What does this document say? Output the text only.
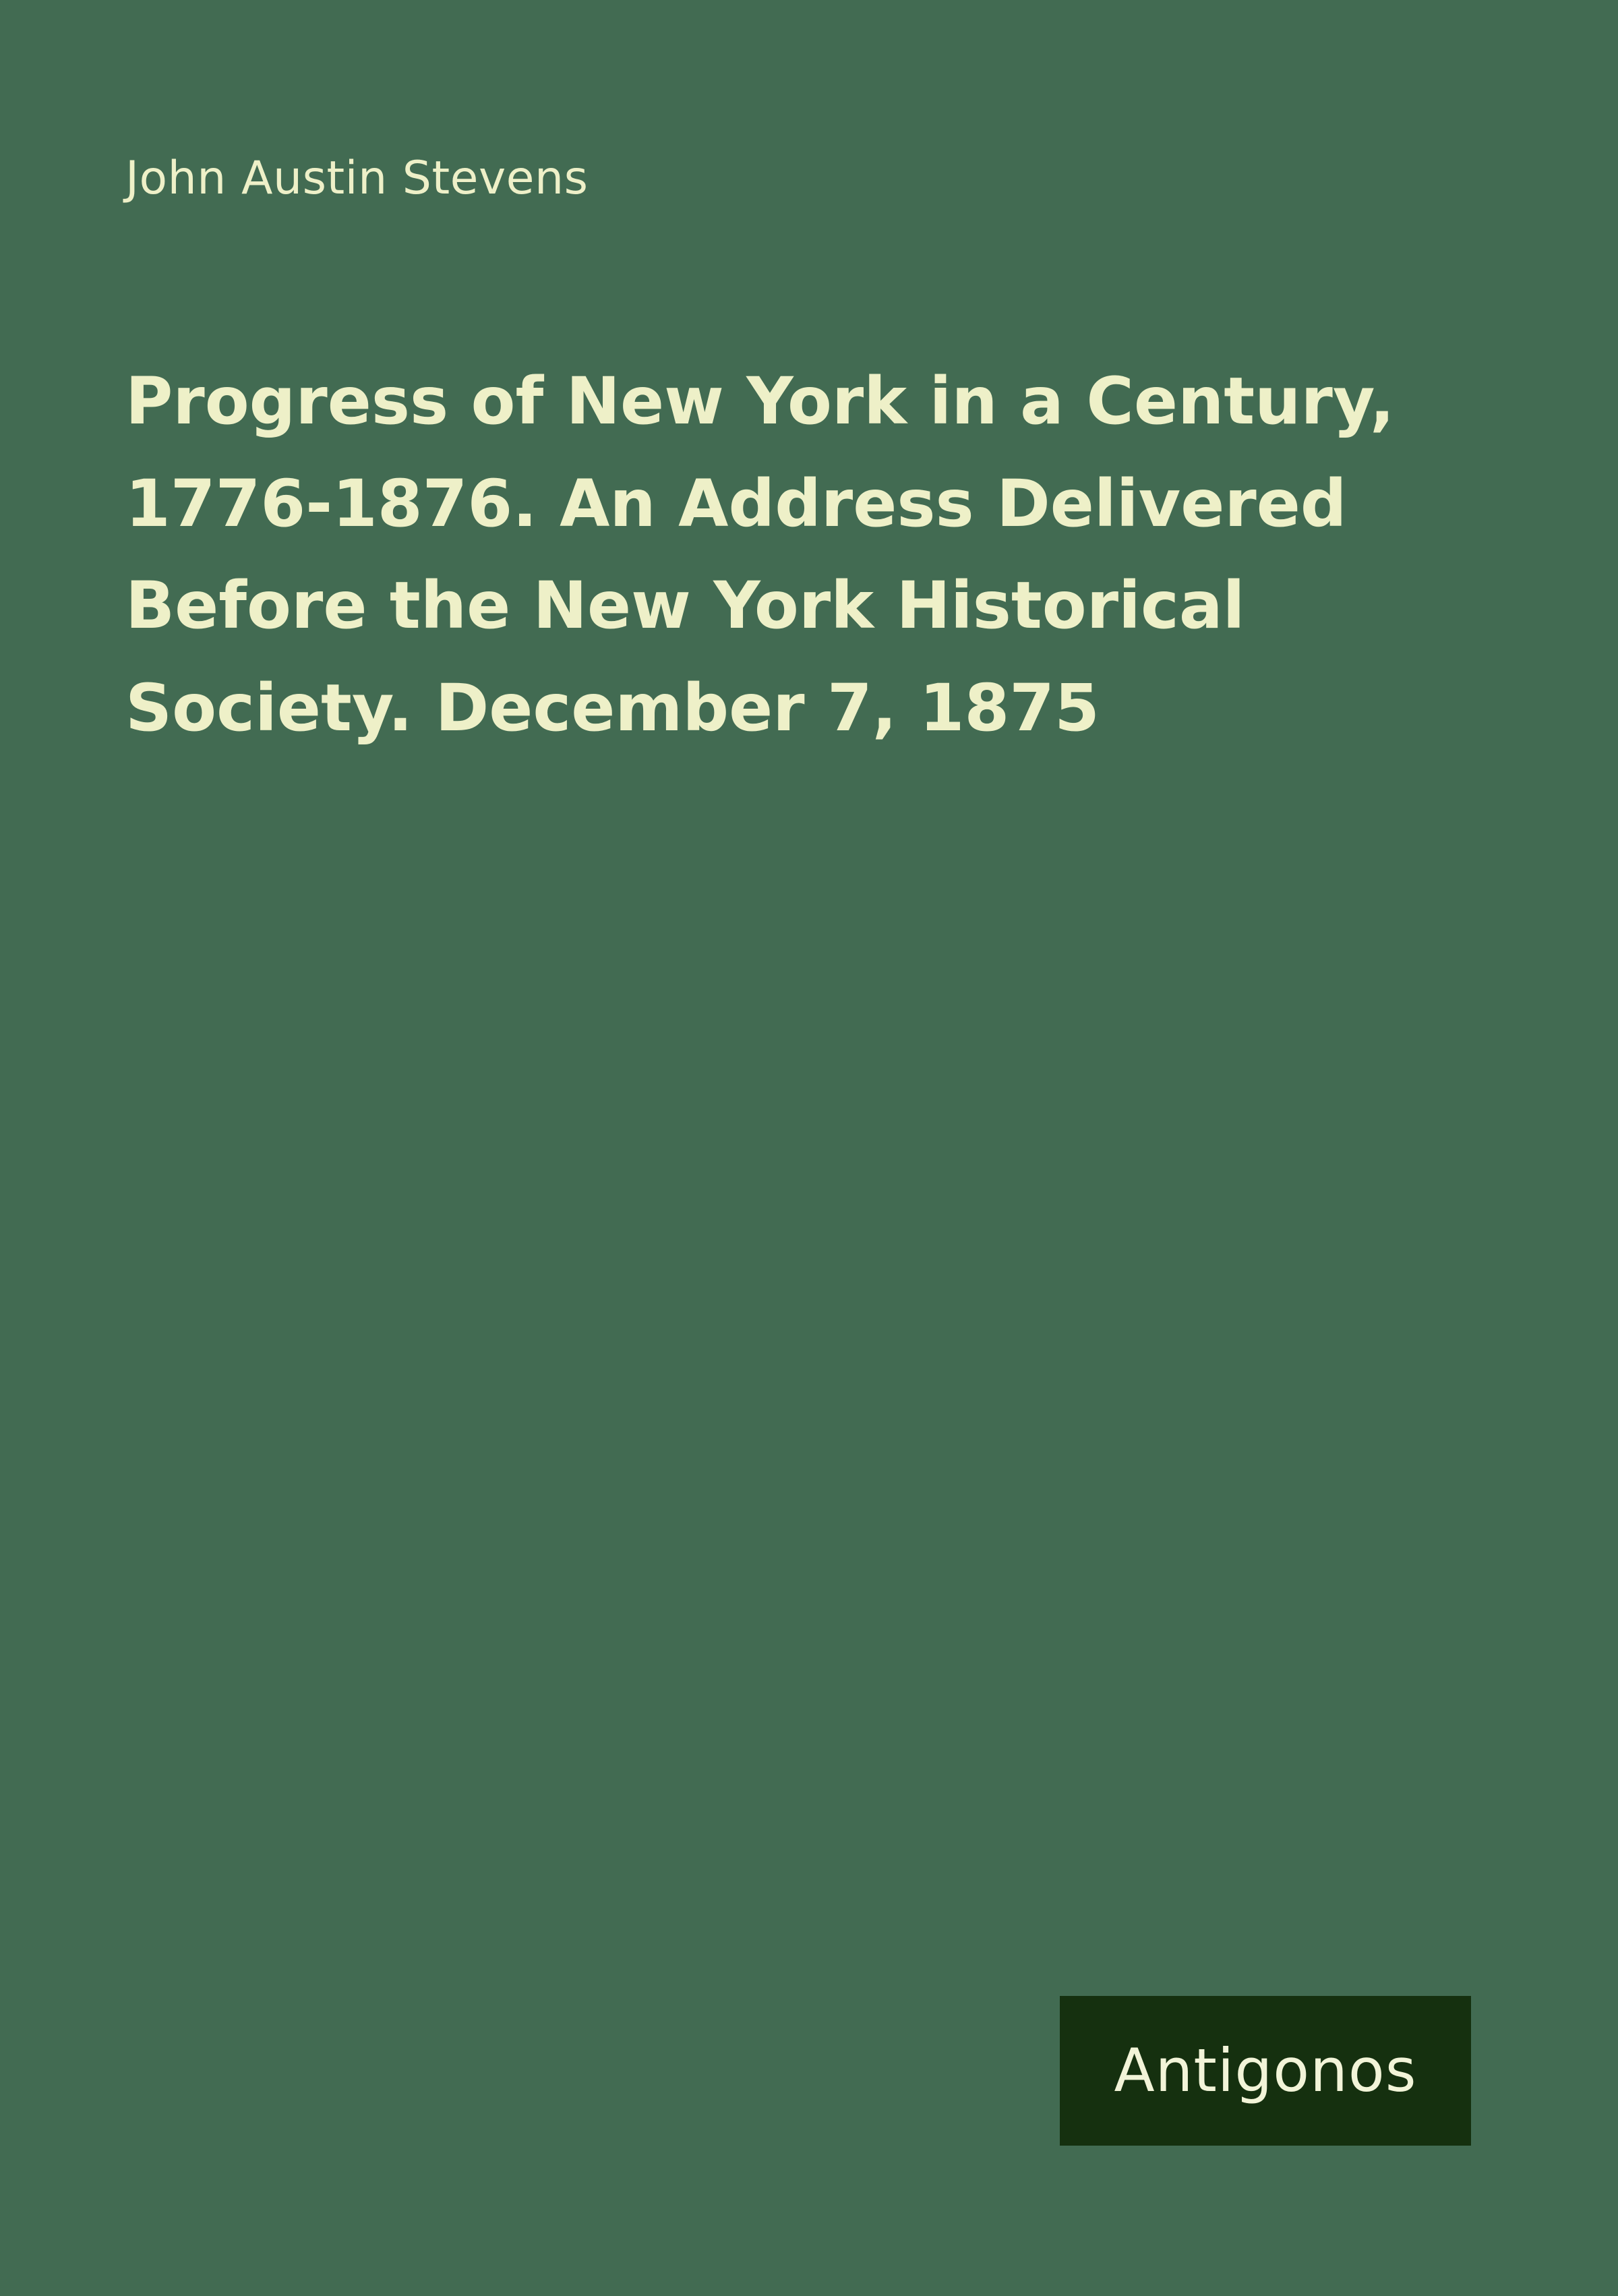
John Austin Stevens
Progress of New York in a Century, 1776-1876. An Address Delivered Before the New York Historical Society. December 7, 1875
Antigonos
